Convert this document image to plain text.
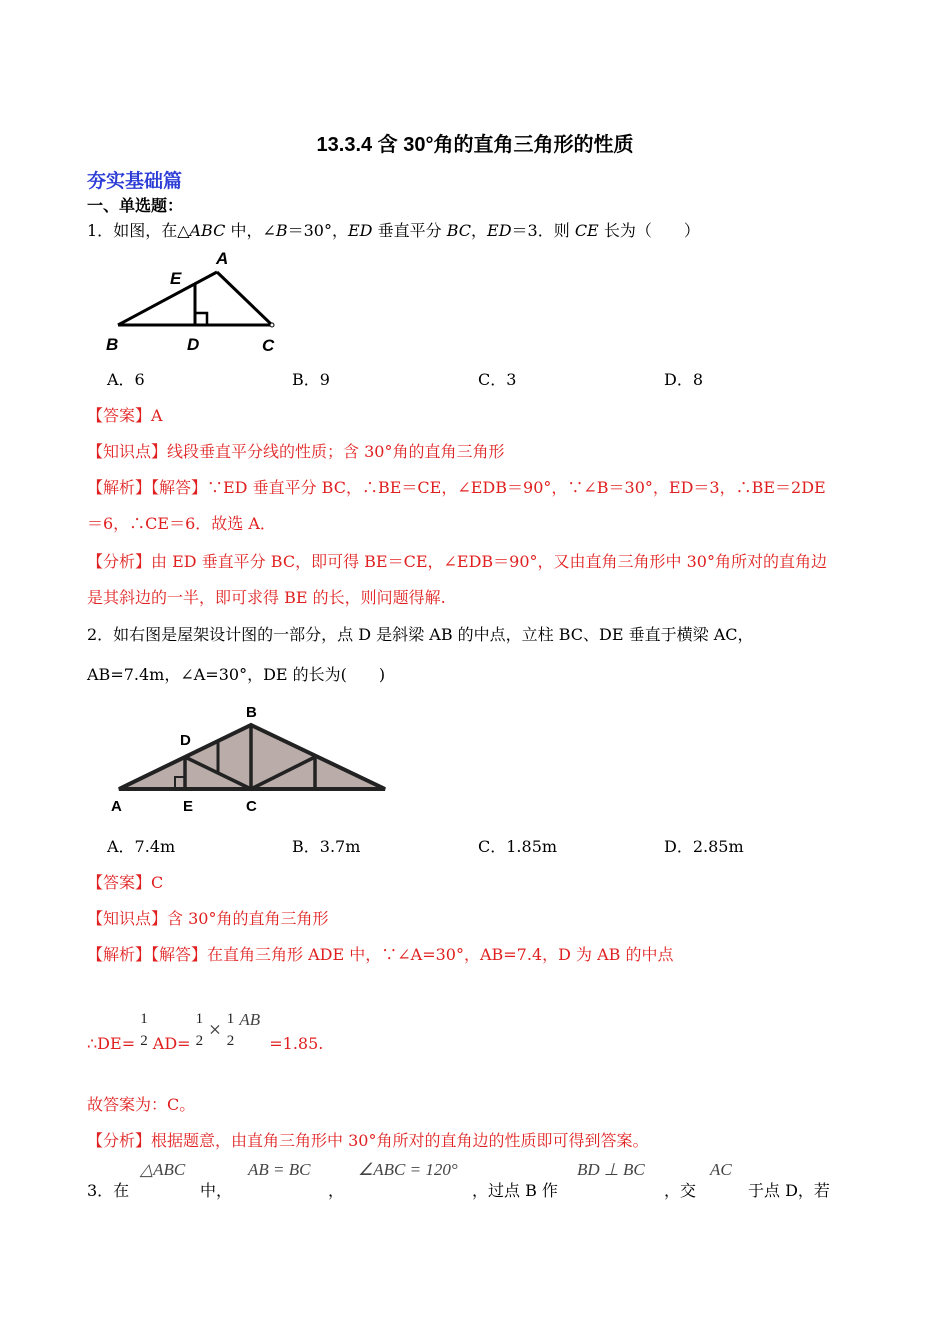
13.3.4 含 30°角的直角三角形的性质
夯实基础篇
一、单选题：
1．如图，在△ABC 中，∠B＝30°，ED 垂直平分 BC，ED＝3．则 CE 长为（　　）
E
A
B	D	C
A．6	B．9	C．3	D．8
【答案】A
【知识点】线段垂直平分线的性质；含 30°角的直角三角形
【解析】【解答】∵ED 垂直平分 BC，∴BE＝CE，∠EDB＝90°，∵∠B＝30°，ED＝3，∴BE＝2DE
＝6，∴CE＝6．故选 A．
【分析】由 ED 垂直平分 BC，即可得 BE＝CE，∠EDB＝90°，又由直角三角形中 30°角所对的直角边
是其斜边的一半，即可求得 BE 的长，则问题得解.
2．如右图是屋架设计图的一部分，点 D 是斜梁 AB 的中点，立柱 BC、DE 垂直于横梁 AC，
AB=7.4m，∠A=30°，DE 的长为(　　)
B
D
A	E	C
A．7.4m	B．3.7m	C．1.85m	D．2.85m
【答案】C
【知识点】含 30°角的直角三角形
【解析】【解答】在直角三角形 ADE 中，∵∠A=30°，AB=7.4，D 为 AB 的中点
∴DE=
1
2 AD=
1
2
×
1
2
AB =1.85.
故答案为：C。
【分析】根据题意，由直角三角形中 30°角所对的直角边的性质即可得到答案。
3．在
△ABC
中，
AB = BC
，
∠ABC = 120°
，过点 B 作
BD ⊥ BC
，交
AC
于点 D，若
